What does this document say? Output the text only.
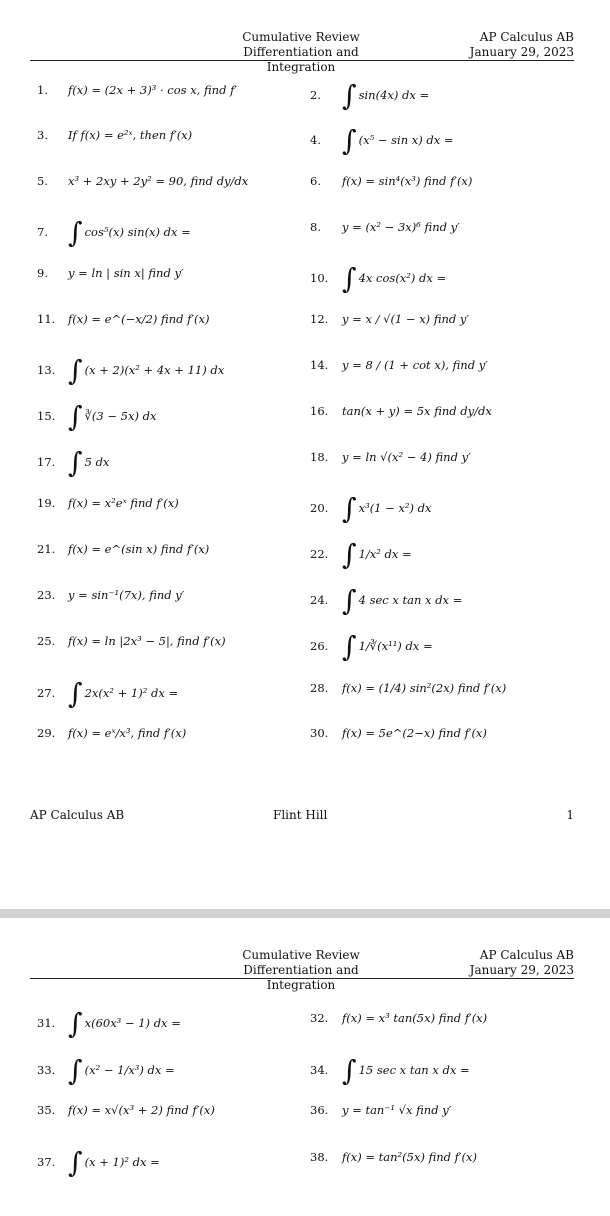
Cumulative Review
Differentiation and Integration
AP Calculus AB
January 29, 2023
1. f(x) = (2x + 3)³ · cos x, find f′	2. ∫ sin(4x) dx =
3. If f(x) = e²ˣ, then f′(x)	4. ∫ (x⁵ − sin x) dx =
5. x³ + 2xy + 2y² = 90, find dy/dx	6. f(x) = sin⁴(x³) find f′(x)
7. ∫ cos⁵(x) sin(x) dx =	8. y = (x² − 3x)⁶ find y′
9. y = ln | sin x| find y′	10. ∫ 4x cos(x²) dx =
11. f(x) = e^(−x/2) find f′(x)	12. y = x / √(1 − x) find y′
13. ∫ (x + 2)(x² + 4x + 11) dx	14. y = 8 / (1 + cot x), find y′
15. ∫ ∛(3 − 5x) dx	16. tan(x + y) = 5x find dy/dx
17. ∫ 5 dx	18. y = ln √(x² − 4) find y′
19. f(x) = x²eˣ find f′(x)	20. ∫ x³(1 − x²) dx
21. f(x) = e^(sin x) find f′(x)	22. ∫ 1/x² dx =
23. y = sin⁻¹(7x), find y′	24. ∫ 4 sec x tan x dx =
25. f(x) = ln |2x³ − 5|, find f′(x)	26. ∫ 1/∛(x¹¹) dx =
27. ∫ 2x(x² + 1)² dx =	28. f(x) = (1/4) sin²(2x) find f′(x)
29. f(x) = eˣ/x³, find f′(x)	30. f(x) = 5e^(2−x) find f′(x)
AP Calculus AB	Flint Hill	1
Cumulative Review
Differentiation and Integration
AP Calculus AB
January 29, 2023
31. ∫ x(60x³ − 1) dx =	32. f(x) = x³ tan(5x) find f′(x)
33. ∫ (x² − 1/x³) dx =	34. ∫ 15 sec x tan x dx =
35. f(x) = x√(x³ + 2) find f′(x)	36. y = tan⁻¹ √x find y′
37. ∫ (x + 1)² dx =	38. f(x) = tan²(5x) find f′(x)
